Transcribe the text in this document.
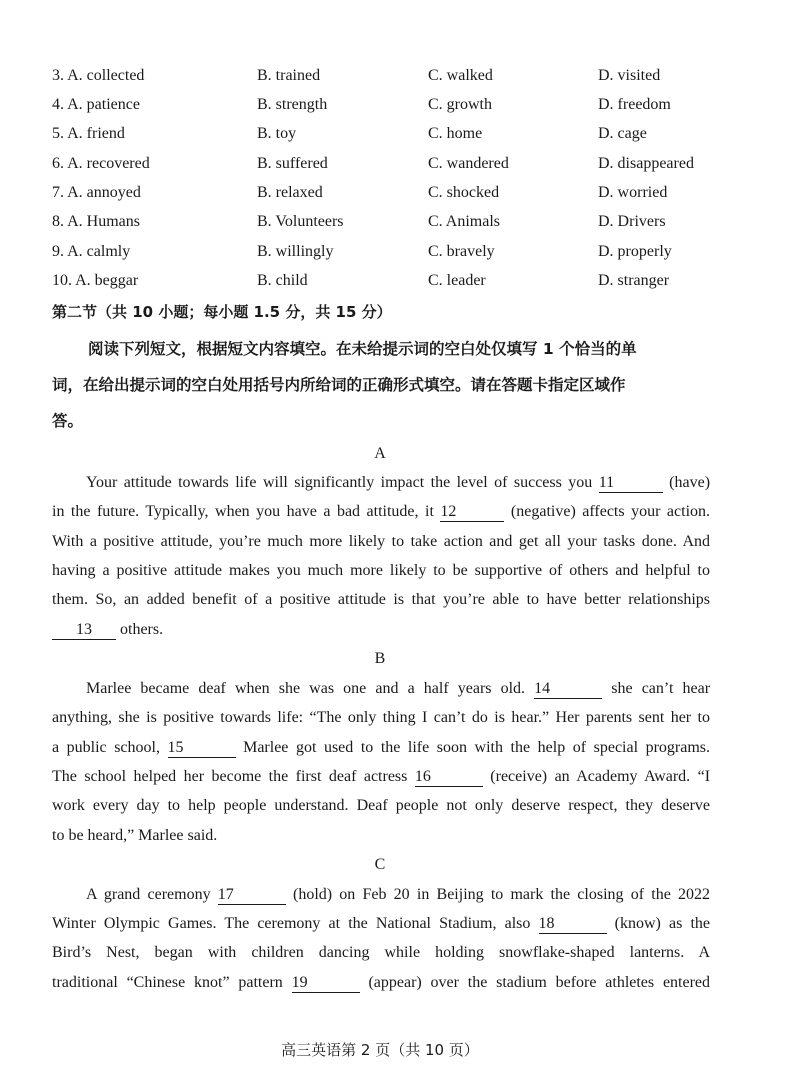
3. A. collected	B. trained	C. walked	D. visited
4. A. patience	B. strength	C. growth	D. freedom
5. A. friend	B. toy	C. home	D. cage
6. A. recovered	B. suffered	C. wandered	D. disappeared
7. A. annoyed	B. relaxed	C. shocked	D. worried
8. A. Humans	B. Volunteers	C. Animals	D. Drivers
9. A. calmly	B. willingly	C. bravely	D. properly
10. A. beggar	B. child	C. leader	D. stranger
第二节（共 10 小题；每小题 1.5 分，共 15 分）
阅读下列短文，根据短文内容填空。在未给提示词的空白处仅填写 1 个恰当的单
词，在给出提示词的空白处用括号内所给词的正确形式填空。请在答题卡指定区域作
答。
A
Your attitude towards life will significantly impact the level of success you 11	(have)
in the future. Typically, when you have a bad attitude, it 12	(negative) affects your action.
With a positive attitude, you’re much more likely to take action and get all your tasks done. And
having a positive attitude makes you much more likely to be supportive of others and helpful to
them. So, an added benefit of a positive attitude is that you’re able to have better relationships
13 others.
B
Marlee became deaf when she was one and a half years old. 14	she can’t hear
anything, she is positive towards life: “The only thing I can’t do is hear.” Her parents sent her to
a public school, 15	Marlee got used to the life soon with the help of special programs.
The school helped her become the first deaf actress 16	(receive) an Academy Award. “I
work every day to help people understand. Deaf people not only deserve respect, they deserve
to be heard,” Marlee said.
C
A grand ceremony 17	(hold) on Feb 20 in Beijing to mark the closing of the 2022
Winter Olympic Games. The ceremony at the National Stadium, also 18	(know) as the
Bird’s Nest, began with children dancing while holding snowflake-shaped lanterns. A
traditional “Chinese knot” pattern 19	(appear) over the stadium before athletes entered
高三英语第 2 页（共 10 页）
